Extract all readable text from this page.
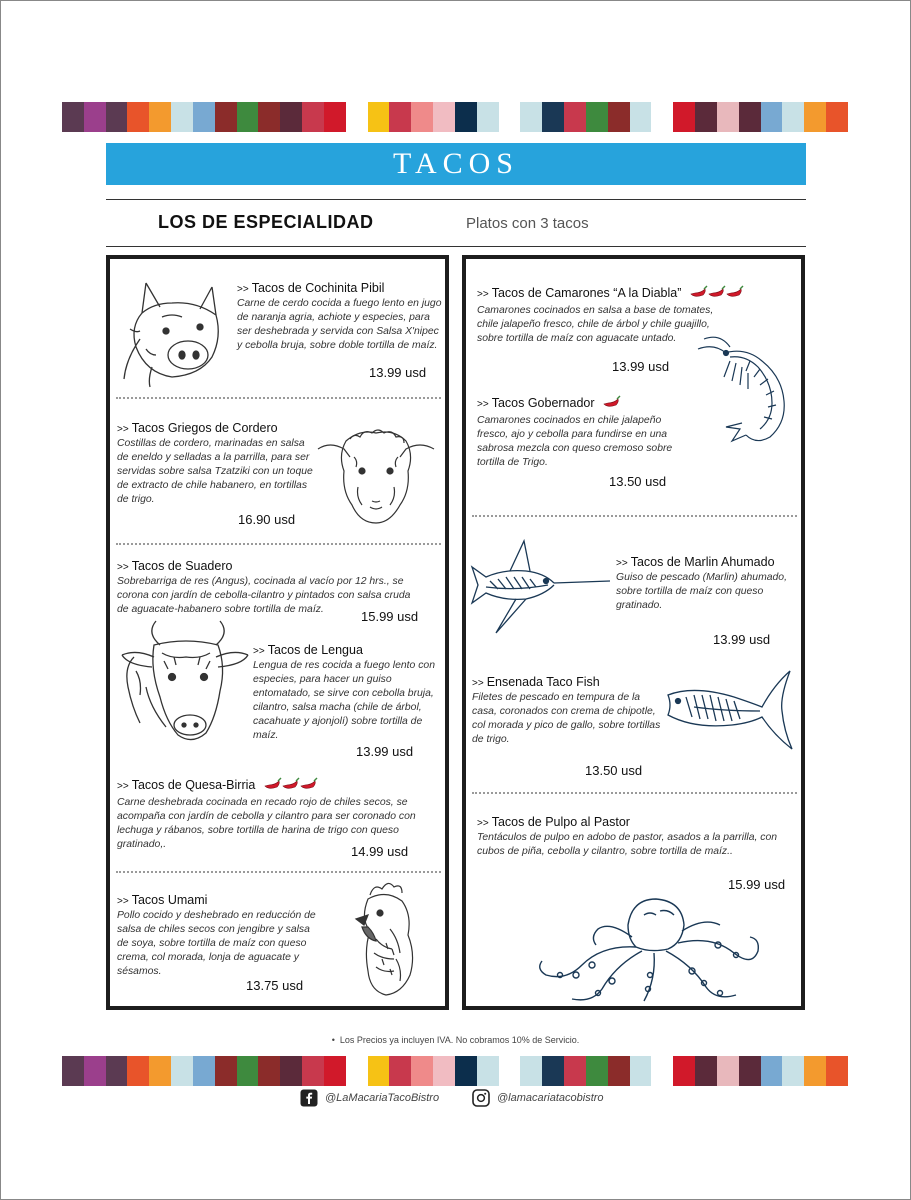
TACOS
LOS DE ESPECIALIDAD	Platos con 3 tacos
>> Tacos de Cochinita Pibil
Carne de cerdo cocida a fuego lento en jugo de naranja agria, achiote y especies, para ser deshebrada y servida con Salsa X'nipec y cebolla bruja, sobre doble tortilla de maíz.
13.99 usd
>> Tacos Griegos de Cordero
Costillas de cordero, marinadas en salsa de eneldo y selladas a la parrilla, para ser servidas sobre salsa Tzatziki con un toque de extracto de chile habanero, en tortillas de trigo.
16.90 usd
>> Tacos de Suadero
Sobrebarriga de res (Angus), cocinada al vacío por 12 hrs., se corona con jardín de cebolla-cilantro y pintados con salsa cruda de aguacate-habanero sobre tortilla de maíz.	15.99 usd
>> Tacos de Lengua
Lengua de res cocida a fuego lento con especies, para hacer un guiso entomatado, se sirve con cebolla bruja, cilantro, salsa macha (chile de árbol, cacahuate y ajonjolí) sobre tortilla de maíz.
13.99 usd
>> Tacos de Quesa-Birria
Carne deshebrada cocinada en recado rojo de chiles secos, se acompaña con jardín de cebolla y cilantro para ser coronado con lechuga y rábanos, sobre tortilla de harina de trigo con queso gratinado,.	14.99 usd
>> Tacos Umami
Pollo cocido y deshebrado en reducción de salsa de chiles secos con jengibre y salsa de soya, sobre tortilla de maíz con queso crema, col morada, lonja de aguacate y sésamos.
13.75 usd
>> Tacos de Camarones “A la Diabla”
Camarones cocinados en salsa a base de tomates, chile jalapeño fresco, chile de árbol y chile guajillo, sobre tortilla de maíz con aguacate untado.
13.99 usd
>> Tacos Gobernador
Camarones cocinados en chile jalapeño fresco, ajo y cebolla para fundirse en una sabrosa mezcla con queso cremoso sobre tortilla de Trigo.
13.50 usd
>> Tacos de Marlin Ahumado
Guiso de pescado (Marlin) ahumado, sobre tortilla de maíz con queso gratinado.
13.99 usd
>> Ensenada Taco Fish
Filetes de pescado en tempura de la casa, coronados con crema de chipotle, col morada y pico de gallo, sobre tortillas de trigo.
13.50 usd
>> Tacos de Pulpo al Pastor
Tentáculos de pulpo en adobo de pastor, asados a la parrilla, con cubos de piña, cebolla y cilantro, sobre tortilla de maíz..
15.99 usd
• Los Precios ya incluyen IVA. No cobramos 10% de Servicio.
@LaMacariaTacoBistro	@lamacariatacobistro
